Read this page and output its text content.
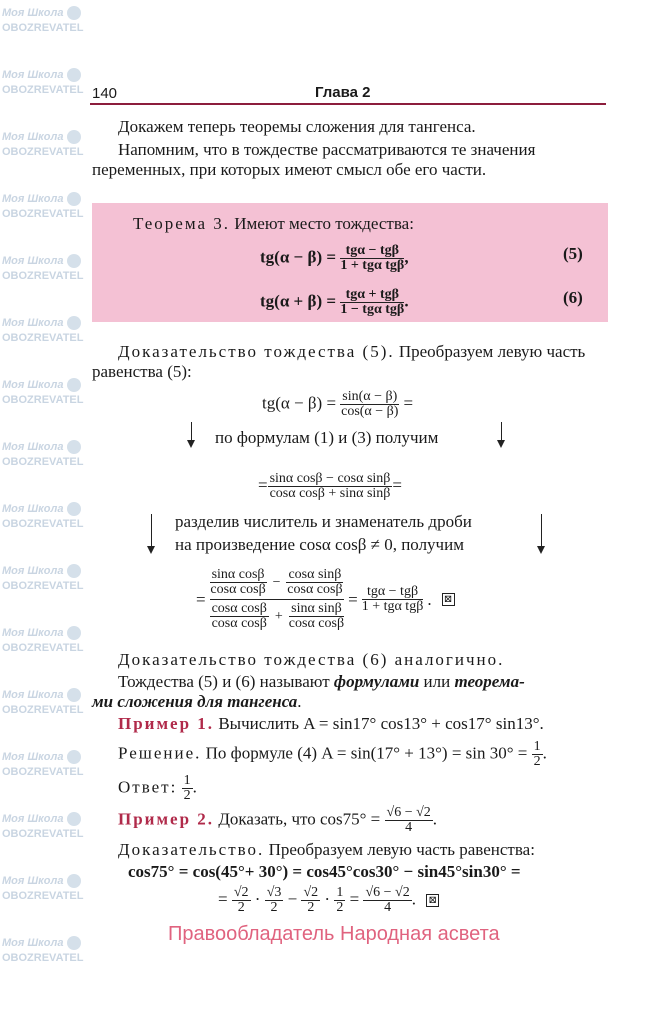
Моя Школа
OBOZREVATEL
Моя Школа
OBOZREVATEL
Моя Школа
OBOZREVATEL
Моя Школа
OBOZREVATEL
Моя Школа
OBOZREVATEL
Моя Школа
OBOZREVATEL
Моя Школа
OBOZREVATEL
Моя Школа
OBOZREVATEL
Моя Школа
OBOZREVATEL
Моя Школа
OBOZREVATEL
Моя Школа
OBOZREVATEL
Моя Школа
OBOZREVATEL
Моя Школа
OBOZREVATEL
Моя Школа
OBOZREVATEL
Моя Школа
OBOZREVATEL
Моя Школа
OBOZREVATEL
140	Глава 2
Докажем теперь теоремы сложения для тангенса.
Напомним, что в тождестве рассматриваются те значения
переменных, при которых имеют смысл обе его части.
Теорема 3. Имеют место тождества:
$tg(\alpha - \beta) = \frac{\text{tgα − tgβ}}{\text{1 + tgα tgβ}}$ ,	(5)
$tg(\alpha + \beta) = \frac{\text{tgα + tgβ}}{\text{1 − tgα tgβ}}$ .	(6)
Доказательство тождества (5). Преобразуем левую часть
равенства (5):
$tg(\alpha - \beta) = \frac{\sin(\alpha - \beta)}{\cos(\alpha - \beta)}$ =
по формулам (1) и (3) получим
= $\frac{\text{sinα cosβ − cosα sinβ}}{\text{cosα cosβ + sinα sinβ}}$ =
разделив числитель и знаменатель дроби
на произведение cosα cosβ ≠ 0, получим
= $\frac{\frac{\text{sinα cosβ}}{\text{cosα cosβ}} - \frac{\text{cosα sinβ}}{\text{cosα cosβ}}}{\frac{\text{cosα cosβ}}{\text{cosα cosβ}} + \frac{\text{sinα sinβ}}{\text{cosα cosβ}}} = \frac{\text{tgα − tgβ}}{\text{1 + tgα tgβ}}$ . ⊠
Доказательство тождества (6) аналогично.
Тождества (5) и (6) называют формулами или теорема-
ми сложения для тангенса.
Пример 1. Вычислить A = sin17° cos13° + cos17° sin13°.
Решение. По формуле (4) $A = \sin(17^\circ + 13^\circ) = \sin 30^\circ = \frac{1}{2}$ .
Ответ: $\frac{1}{2}$ .
Пример 2. Доказать, что $\cos 75^\circ = \frac{√6 - √2}{4}$ .
Доказательство. Преобразуем левую часть равенства:
cos75° = cos(45°+ 30°) = cos45°cos30° − sin45°sin30° =
= $\frac{√2}{2} \cdot \frac{√3}{2} - \frac{√2}{2} \cdot \frac{1}{2} = \frac{√6 - √2}{4}$ . ⊠
Правообладатель Народная асвета
